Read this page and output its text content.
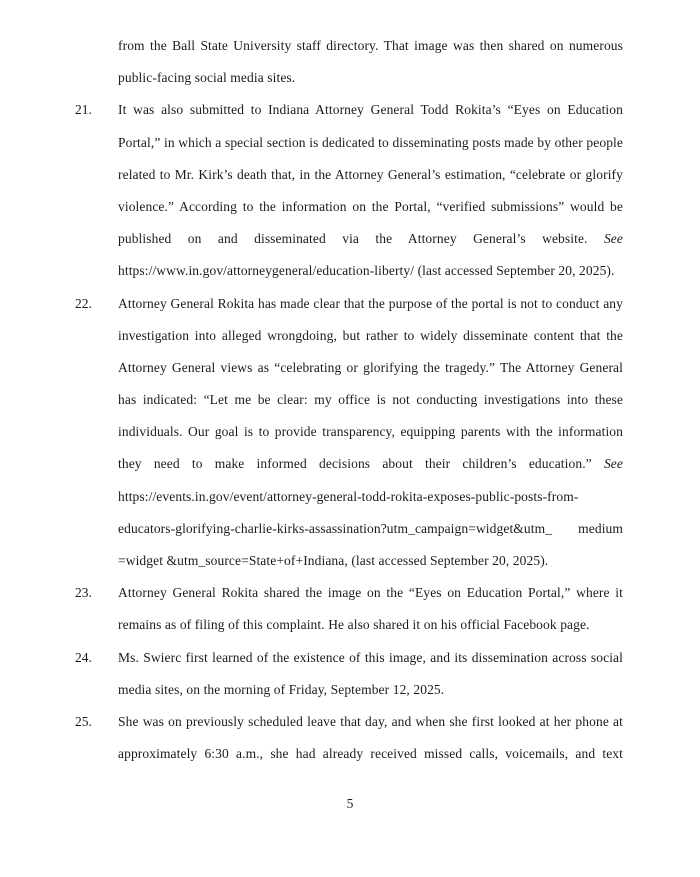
from the Ball State University staff directory. That image was then shared on numerous
public-facing social media sites.
21. It was also submitted to Indiana Attorney General Todd Rokita’s “Eyes on Education
Portal,” in which a special section is dedicated to disseminating posts made by other people
related to Mr. Kirk’s death that, in the Attorney General’s estimation, “celebrate or glorify
violence.” According to the information on the Portal, “verified submissions” would be
published on and disseminated via the Attorney General’s website. See
https://www.in.gov/attorneygeneral/education-liberty/ (last accessed September 20, 2025).
22. Attorney General Rokita has made clear that the purpose of the portal is not to conduct any
investigation into alleged wrongdoing, but rather to widely disseminate content that the
Attorney General views as “celebrating or glorifying the tragedy.” The Attorney General
has indicated: “Let me be clear: my office is not conducting investigations into these
individuals. Our goal is to provide transparency, equipping parents with the information
they need to make informed decisions about their children’s education.” See
https://events.in.gov/event/attorney-general-todd-rokita-exposes-public-posts-from-
educators-glorifying-charlie-kirks-assassination?utm_campaign=widget&utm_ medium
=widget &utm_source=State+of+Indiana, (last accessed September 20, 2025).
23. Attorney General Rokita shared the image on the “Eyes on Education Portal,” where it
remains as of filing of this complaint. He also shared it on his official Facebook page.
24. Ms. Swierc first learned of the existence of this image, and its dissemination across social
media sites, on the morning of Friday, September 12, 2025.
25. She was on previously scheduled leave that day, and when she first looked at her phone at
approximately 6:30 a.m., she had already received missed calls, voicemails, and text
5
